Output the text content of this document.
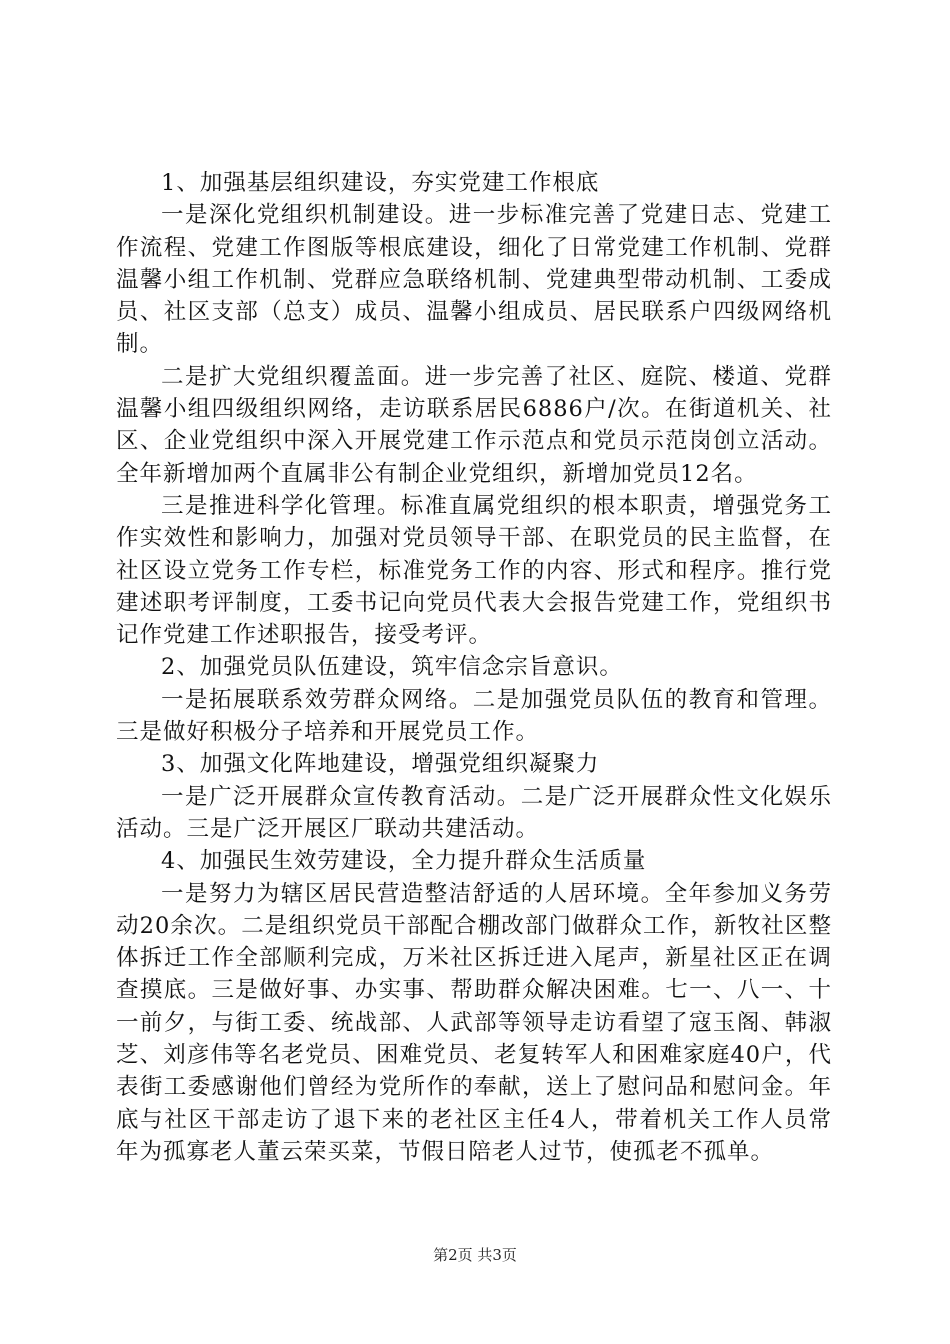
1、加强基层组织建设，夯实党建工作根底

一是深化党组织机制建设。进一步标准完善了党建日志、党建工作流程、党建工作图版等根底建设，细化了日常党建工作机制、党群温馨小组工作机制、党群应急联络机制、党建典型带动机制、工委成员、社区支部（总支）成员、温馨小组成员、居民联系户四级网络机制。

二是扩大党组织覆盖面。进一步完善了社区、庭院、楼道、党群温馨小组四级组织网络，走访联系居民6886户/次。在街道机关、社区、企业党组织中深入开展党建工作示范点和党员示范岗创立活动。全年新增加两个直属非公有制企业党组织，新增加党员12名。

三是推进科学化管理。标准直属党组织的根本职责，增强党务工作实效性和影响力，加强对党员领导干部、在职党员的民主监督，在社区设立党务工作专栏，标准党务工作的内容、形式和程序。推行党建述职考评制度，工委书记向党员代表大会报告党建工作，党组织书记作党建工作述职报告，接受考评。

2、加强党员队伍建设，筑牢信念宗旨意识。

一是拓展联系效劳群众网络。二是加强党员队伍的教育和管理。三是做好积极分子培养和开展党员工作。

3、加强文化阵地建设，增强党组织凝聚力

一是广泛开展群众宣传教育活动。二是广泛开展群众性文化娱乐活动。三是广泛开展区厂联动共建活动。

4、加强民生效劳建设，全力提升群众生活质量

一是努力为辖区居民营造整洁舒适的人居环境。全年参加义务劳动20余次。二是组织党员干部配合棚改部门做群众工作，新牧社区整体拆迁工作全部顺利完成，万米社区拆迁进入尾声，新星社区正在调查摸底。三是做好事、办实事、帮助群众解决困难。七一、八一、十一前夕，与街工委、统战部、人武部等领导走访看望了寇玉阁、韩淑芝、刘彦伟等名老党员、困难党员、老复转军人和困难家庭40户，代表街工委感谢他们曾经为党所作的奉献，送上了慰问品和慰问金。年底与社区干部走访了退下来的老社区主任4人，带着机关工作人员常年为孤寡老人董云荣买菜，节假日陪老人过节，使孤老不孤单。

第2页 共3页
